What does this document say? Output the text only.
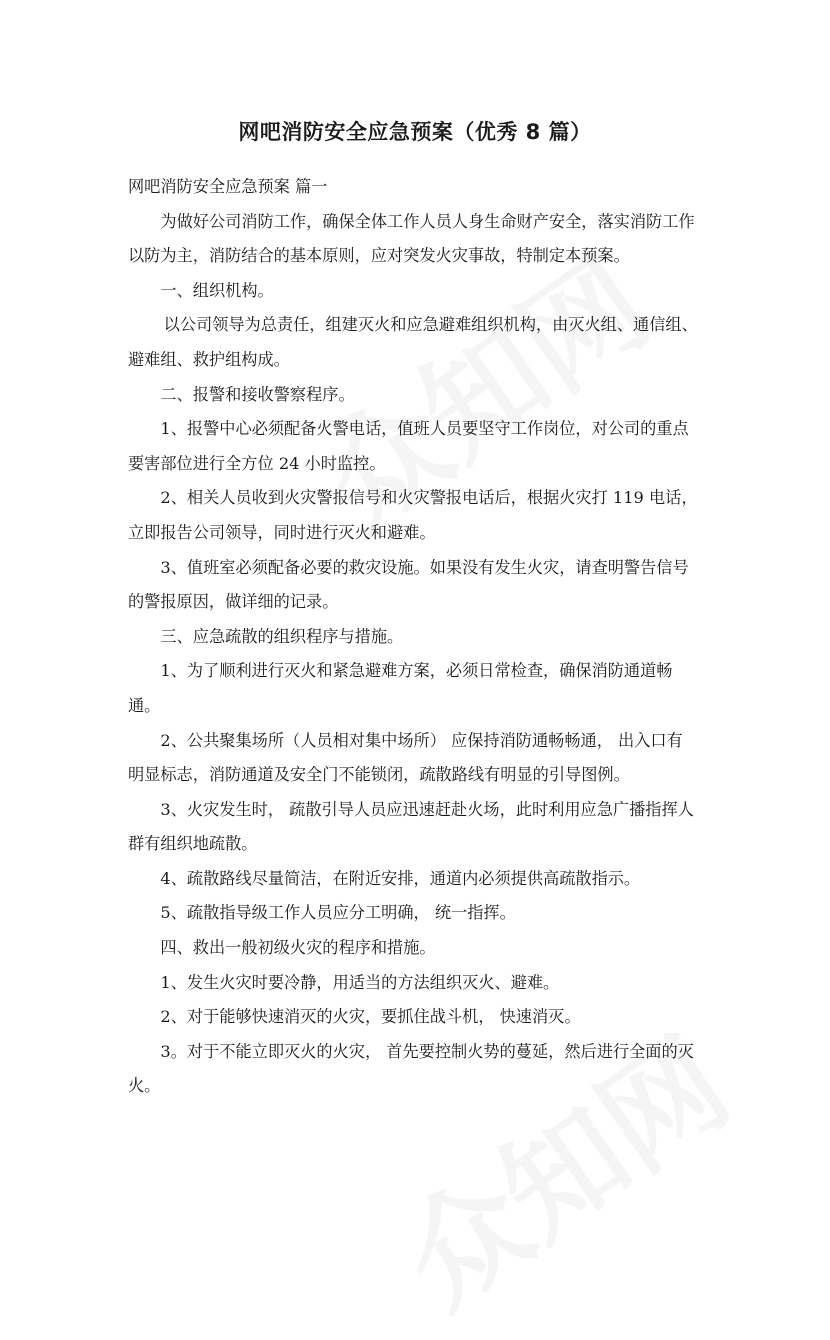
网吧消防安全应急预案（优秀 8 篇）

网吧消防安全应急预案 篇一

为做好公司消防工作，确保全体工作人员人身生命财产安全，落实消防工作以防为主，消防结合的基本原则，应对突发火灾事故，特制定本预案。

一、组织机构。

以公司领导为总责任，组建灭火和应急避难组织机构，由灭火组、通信组、避难组、救护组构成。

二、报警和接收警察程序。

1、报警中心必须配备火警电话，值班人员要坚守工作岗位，对公司的重点要害部位进行全方位 24 小时监控。

2、相关人员收到火灾警报信号和火灾警报电话后，根据火灾打 119 电话，立即报告公司领导，同时进行灭火和避难。

3、值班室必须配备必要的救灾设施。如果没有发生火灾，请查明警告信号的警报原因，做详细的记录。

三、应急疏散的组织程序与措施。

1、为了顺利进行灭火和紧急避难方案，必须日常检查，确保消防通道畅通。

2、公共聚集场所（人员相对集中场所） 应保持消防通畅畅通， 出入口有明显标志，消防通道及安全门不能锁闭，疏散路线有明显的引导图例。

3、火灾发生时， 疏散引导人员应迅速赶赴火场，此时利用应急广播指挥人群有组织地疏散。

4、疏散路线尽量简洁，在附近安排，通道内必须提供高疏散指示。

5、疏散指导级工作人员应分工明确， 统一指挥。

四、救出一般初级火灾的程序和措施。

1、发生火灾时要冷静，用适当的方法组织灭火、避难。

2、对于能够快速消灭的火灾，要抓住战斗机， 快速消灭。

3。对于不能立即灭火的火灾， 首先要控制火势的蔓延，然后进行全面的灭火。
